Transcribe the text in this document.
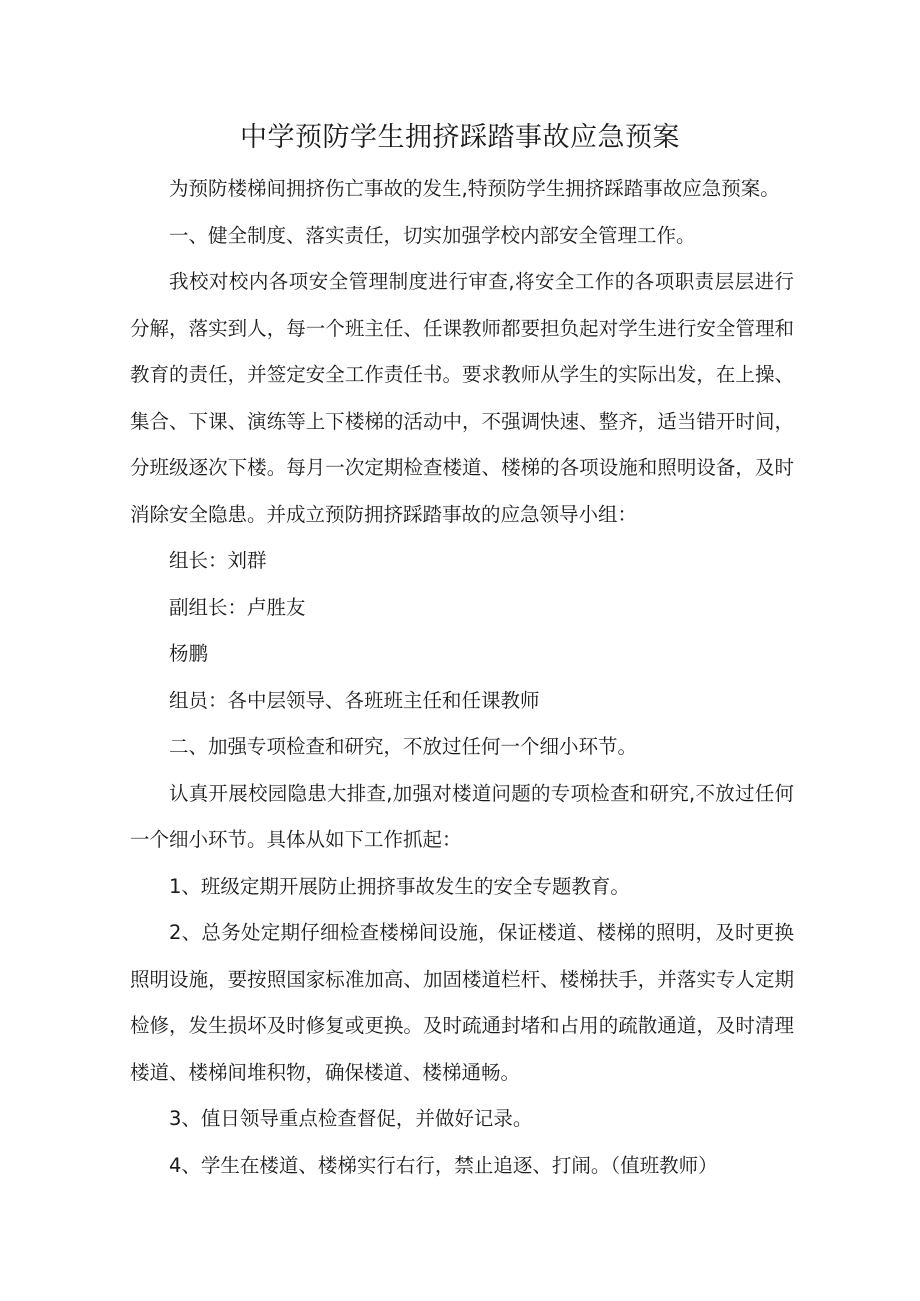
中学预防学生拥挤踩踏事故应急预案

为预防楼梯间拥挤伤亡事故的发生,特预防学生拥挤踩踏事故应急预案。

一、健全制度、落实责任，切实加强学校内部安全管理工作。

我校对校内各项安全管理制度进行审查,将安全工作的各项职责层层进行分解，落实到人，每一个班主任、任课教师都要担负起对学生进行安全管理和教育的责任，并签定安全工作责任书。要求教师从学生的实际出发，在上操、集合、下课、演练等上下楼梯的活动中，不强调快速、整齐，适当错开时间，分班级逐次下楼。每月一次定期检查楼道、楼梯的各项设施和照明设备，及时消除安全隐患。并成立预防拥挤踩踏事故的应急领导小组：

组长：刘群

副组长：卢胜友

杨鹏

组员：各中层领导、各班班主任和任课教师

二、加强专项检查和研究，不放过任何一个细小环节。

认真开展校园隐患大排查,加强对楼道问题的专项检查和研究,不放过任何一个细小环节。具体从如下工作抓起：

1、班级定期开展防止拥挤事故发生的安全专题教育。

2、总务处定期仔细检查楼梯间设施，保证楼道、楼梯的照明，及时更换照明设施，要按照国家标准加高、加固楼道栏杆、楼梯扶手，并落实专人定期检修，发生损坏及时修复或更换。及时疏通封堵和占用的疏散通道，及时清理楼道、楼梯间堆积物，确保楼道、楼梯通畅。

3、值日领导重点检查督促，并做好记录。

4、学生在楼道、楼梯实行右行，禁止追逐、打闹。（值班教师）
